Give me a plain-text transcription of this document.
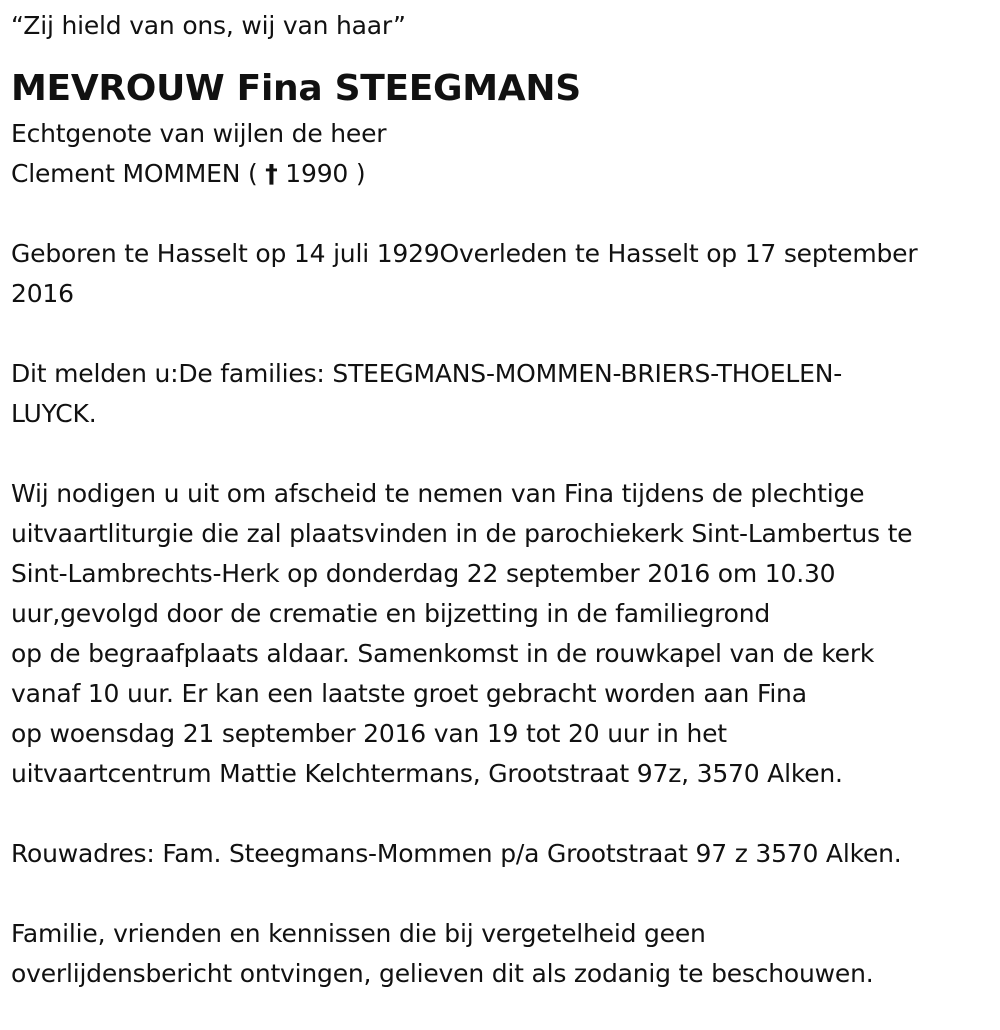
“Zij hield van ons, wij van haar”
MEVROUW Fina STEEGMANS
Echtgenote van wijlen de heer
Clement MOMMEN ( † 1990 )
Geboren te Hasselt op 14 juli 1929Overleden te Hasselt op 17 september
2016
Dit melden u:De families: STEEGMANS-MOMMEN-BRIERS-THOELEN-
LUYCK.
Wij nodigen u uit om afscheid te nemen van Fina tijdens de plechtige
uitvaartliturgie die zal plaatsvinden in de parochiekerk Sint-Lambertus te
Sint-Lambrechts-Herk op donderdag 22 september 2016 om 10.30
uur,gevolgd door de crematie en bijzetting in de familiegrond
op de begraafplaats aldaar. Samenkomst in de rouwkapel van de kerk
vanaf 10 uur. Er kan een laatste groet gebracht worden aan Fina
op woensdag 21 september 2016 van 19 tot 20 uur in het
uitvaartcentrum Mattie Kelchtermans, Grootstraat 97z, 3570 Alken.
Rouwadres: Fam. Steegmans-Mommen p/a Grootstraat 97 z 3570 Alken.
Familie, vrienden en kennissen die bij vergetelheid geen
overlijdensbericht ontvingen, gelieven dit als zodanig te beschouwen.
